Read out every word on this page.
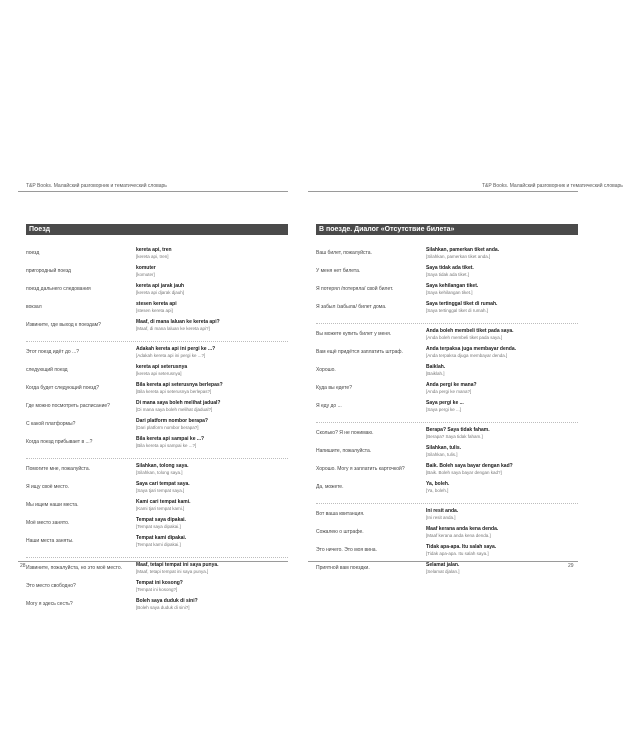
T&P Books. Малайский разговорник и тематический словарь
Поезд
поезд	kereta api, tren
[kereta api, tren]
пригородный поезд	komuter
[komuter]
поезд дальнего следования	kereta api jarak jauh
[kereta api djarak djauh]
вокзал	stesen kereta api
[stesen kereta api]
Извините, где выход к поездам?	Maaf, di mana laluan ke kereta api?
[Maaf, di mana laluan ke kereta api?]
Этот поезд идёт до ...?	Adakah kereta api ini pergi ke ...?
[Adakah kereta api ini pergi ke ...?]
следующий поезд	kereta api seterusnya
[kereta api seterusnya]
Когда будет следующий поезд?	Bila kereta api seterusnya berlepas?
[Bila kereta api seterusnya berlepas?]
Где можно посмотреть расписание?	Di mana saya boleh melihat jadual?
[Di mana saya boleh melihat djadual?]
С какой платформы?	Dari platform nombor berapa?
[Dari platform nombor berapa?]
Когда поезд прибывает в ...?	Bila kereta api sampai ke ...?
[Bila kereta api sampai ke ...?]
Помогите мне, пожалуйста.	Silahkan, tolong saya.
[Silahkan, tolong saya.]
Я ищу своё место.	Saya cari tempat saya.
[Saya tjari tempat saya.]
Мы ищем наши места.	Kami cari tempat kami.
[Kami tjari tempat kami.]
Моё место занято.	Tempat saya dipakai.
[Tempat saya dipakai.]
Наши места заняты.	Tempat kami dipakai.
[Tempat kami dipakai.]
Извините, пожалуйста, но это моё место.	Maaf, tetapi tempat ini saya punya.
[Maaf, tetapi tempat ini saya punya.]
Это место свободно?	Tempat ini kosong?
[Tempat ini kosong?]
Могу я здесь сесть?	Boleh saya duduk di sini?
[Boleh saya duduk di sini?]
28
T&P Books. Малайский разговорник и тематический словарь
В поезде. Диалог «Отсутствие билета»
Ваш билет, пожалуйста.	Silahkan, pamerkan tiket anda.
[Silahkan, pamerkan tiket anda.]
У меня нет билета.	Saya tidak ada tiket.
[Saya tidak ada tiket.]
Я потерял /потеряла/ свой билет.	Saya kehilangan tiket.
[Saya kehilangan tiket.]
Я забыл /забыла/ билет дома.	Saya tertinggal tiket di rumah.
[Saya tertinggal tiket di rumah.]
Вы можете купить билет у меня.	Anda boleh membeli tiket pada saya.
[Anda boleh membeli tiket pada saya.]
Вам ещё придётся заплатить штраф.	Anda terpaksa juga membayar denda.
[Anda terpaksa djuga membayar denda.]
Хорошо.	Baiklah.
[Baiklah.]
Куда вы едете?	Anda pergi ke mana?
[Anda pergi ke mana?]
Я еду до ...	Saya pergi ke ...
[Saya pergi ke ...]
Сколько? Я не понимаю.	Berapa? Saya tidak faham.
[Berapa? Saya tidak faham.]
Напишите, пожалуйста.	Silahkan, tulis.
[Silahkan, tulis.]
Хорошо. Могу я заплатить карточкой?	Baik. Boleh saya bayar dengan kad?
[Baik. Boleh saya bayar dengan kad?]
Да, можете.	Ya, boleh.
[Ya, boleh.]
Вот ваша квитанция.	Ini resit anda.
[Ini resit anda.]
Сожалею о штрафе.	Maaf kerana anda kena denda.
[Maaf kerana anda kena denda.]
Это ничего. Это моя вина.	Tidak apa-apa. Itu salah saya.
[Tidak apa-apa. Itu salah saya.]
Приятной вам поездки.	Selamat jalan.
[Selamat djalan.]
29
